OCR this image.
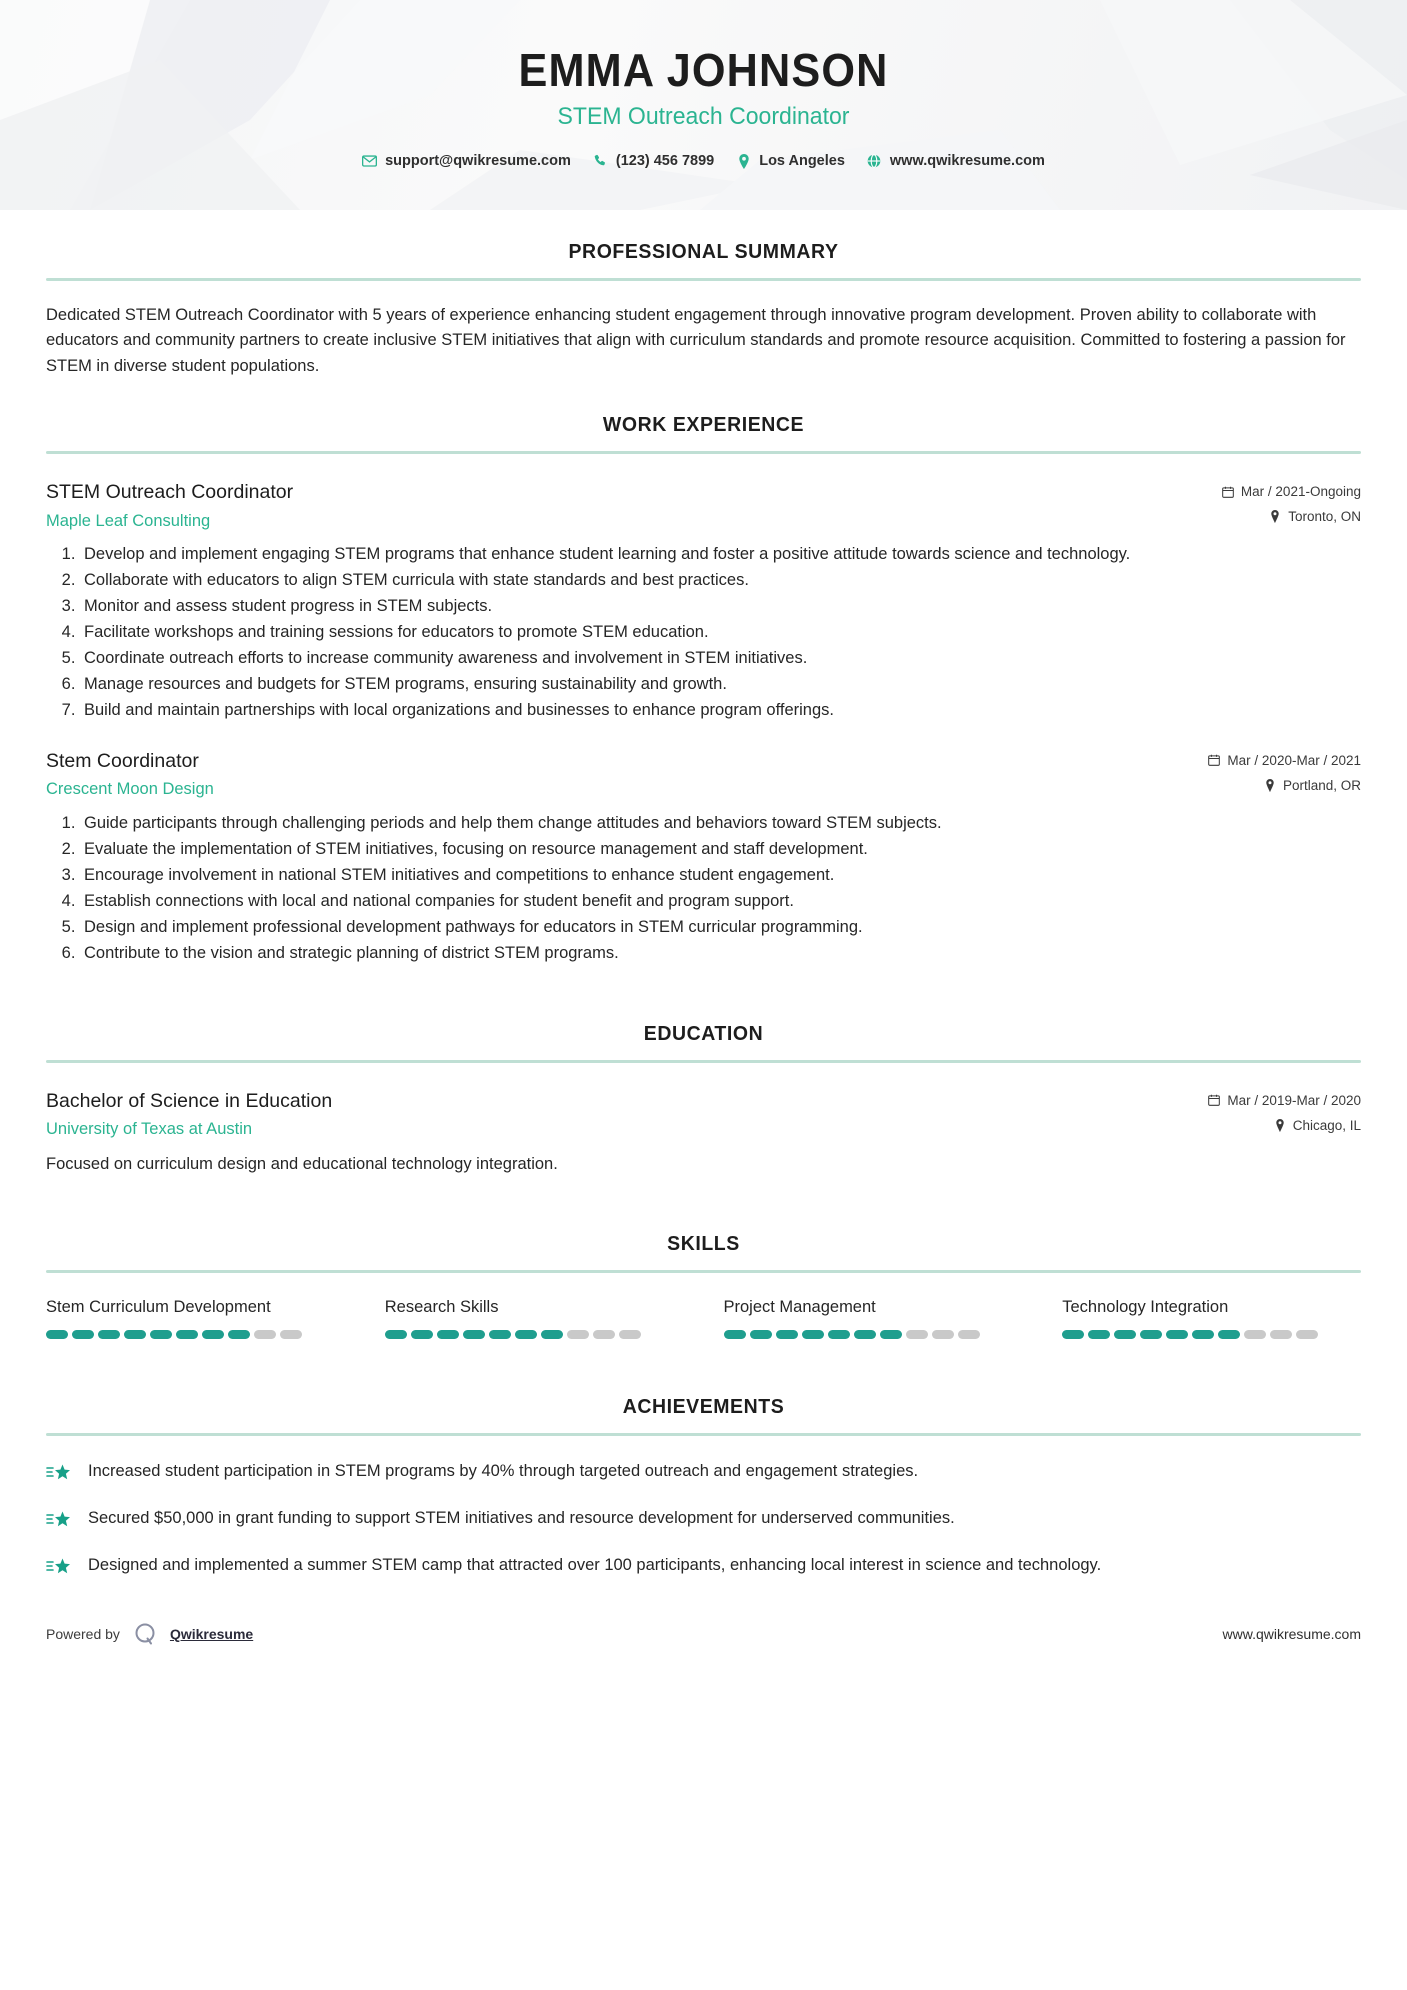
EMMA JOHNSON
STEM Outreach Coordinator
support@qwikresume.com	(123) 456 7899	Los Angeles	www.qwikresume.com
PROFESSIONAL SUMMARY

Dedicated STEM Outreach Coordinator with 5 years of experience enhancing student engagement through innovative program development. Proven ability to collaborate with educators and community partners to create inclusive STEM initiatives that align with curriculum standards and promote resource acquisition. Committed to fostering a passion for STEM in diverse student populations.

WORK EXPERIENCE
STEM Outreach Coordinator
Maple Leaf Consulting
Mar / 2021-Ongoing
Toronto, ON
1. Develop and implement engaging STEM programs that enhance student learning and foster a positive attitude towards science and technology.
2. Collaborate with educators to align STEM curricula with state standards and best practices.
3. Monitor and assess student progress in STEM subjects.
4. Facilitate workshops and training sessions for educators to promote STEM education.
5. Coordinate outreach efforts to increase community awareness and involvement in STEM initiatives.
6. Manage resources and budgets for STEM programs, ensuring sustainability and growth.
7. Build and maintain partnerships with local organizations and businesses to enhance program offerings.
Stem Coordinator
Crescent Moon Design
Mar / 2020-Mar / 2021
Portland, OR
1. Guide participants through challenging periods and help them change attitudes and behaviors toward STEM subjects.
2. Evaluate the implementation of STEM initiatives, focusing on resource management and staff development.
3. Encourage involvement in national STEM initiatives and competitions to enhance student engagement.
4. Establish connections with local and national companies for student benefit and program support.
5. Design and implement professional development pathways for educators in STEM curricular programming.
6. Contribute to the vision and strategic planning of district STEM programs.
EDUCATION
Bachelor of Science in Education
University of Texas at Austin
Mar / 2019-Mar / 2020
Chicago, IL
Focused on curriculum design and educational technology integration.
SKILLS
Stem Curriculum Development	Research Skills	Project Management	Technology Integration
ACHIEVEMENTS
Increased student participation in STEM programs by 40% through targeted outreach and engagement strategies.
Secured $50,000 in grant funding to support STEM initiatives and resource development for underserved communities.
Designed and implemented a summer STEM camp that attracted over 100 participants, enhancing local interest in science and technology.
Powered by	Qwikresume	www.qwikresume.com
